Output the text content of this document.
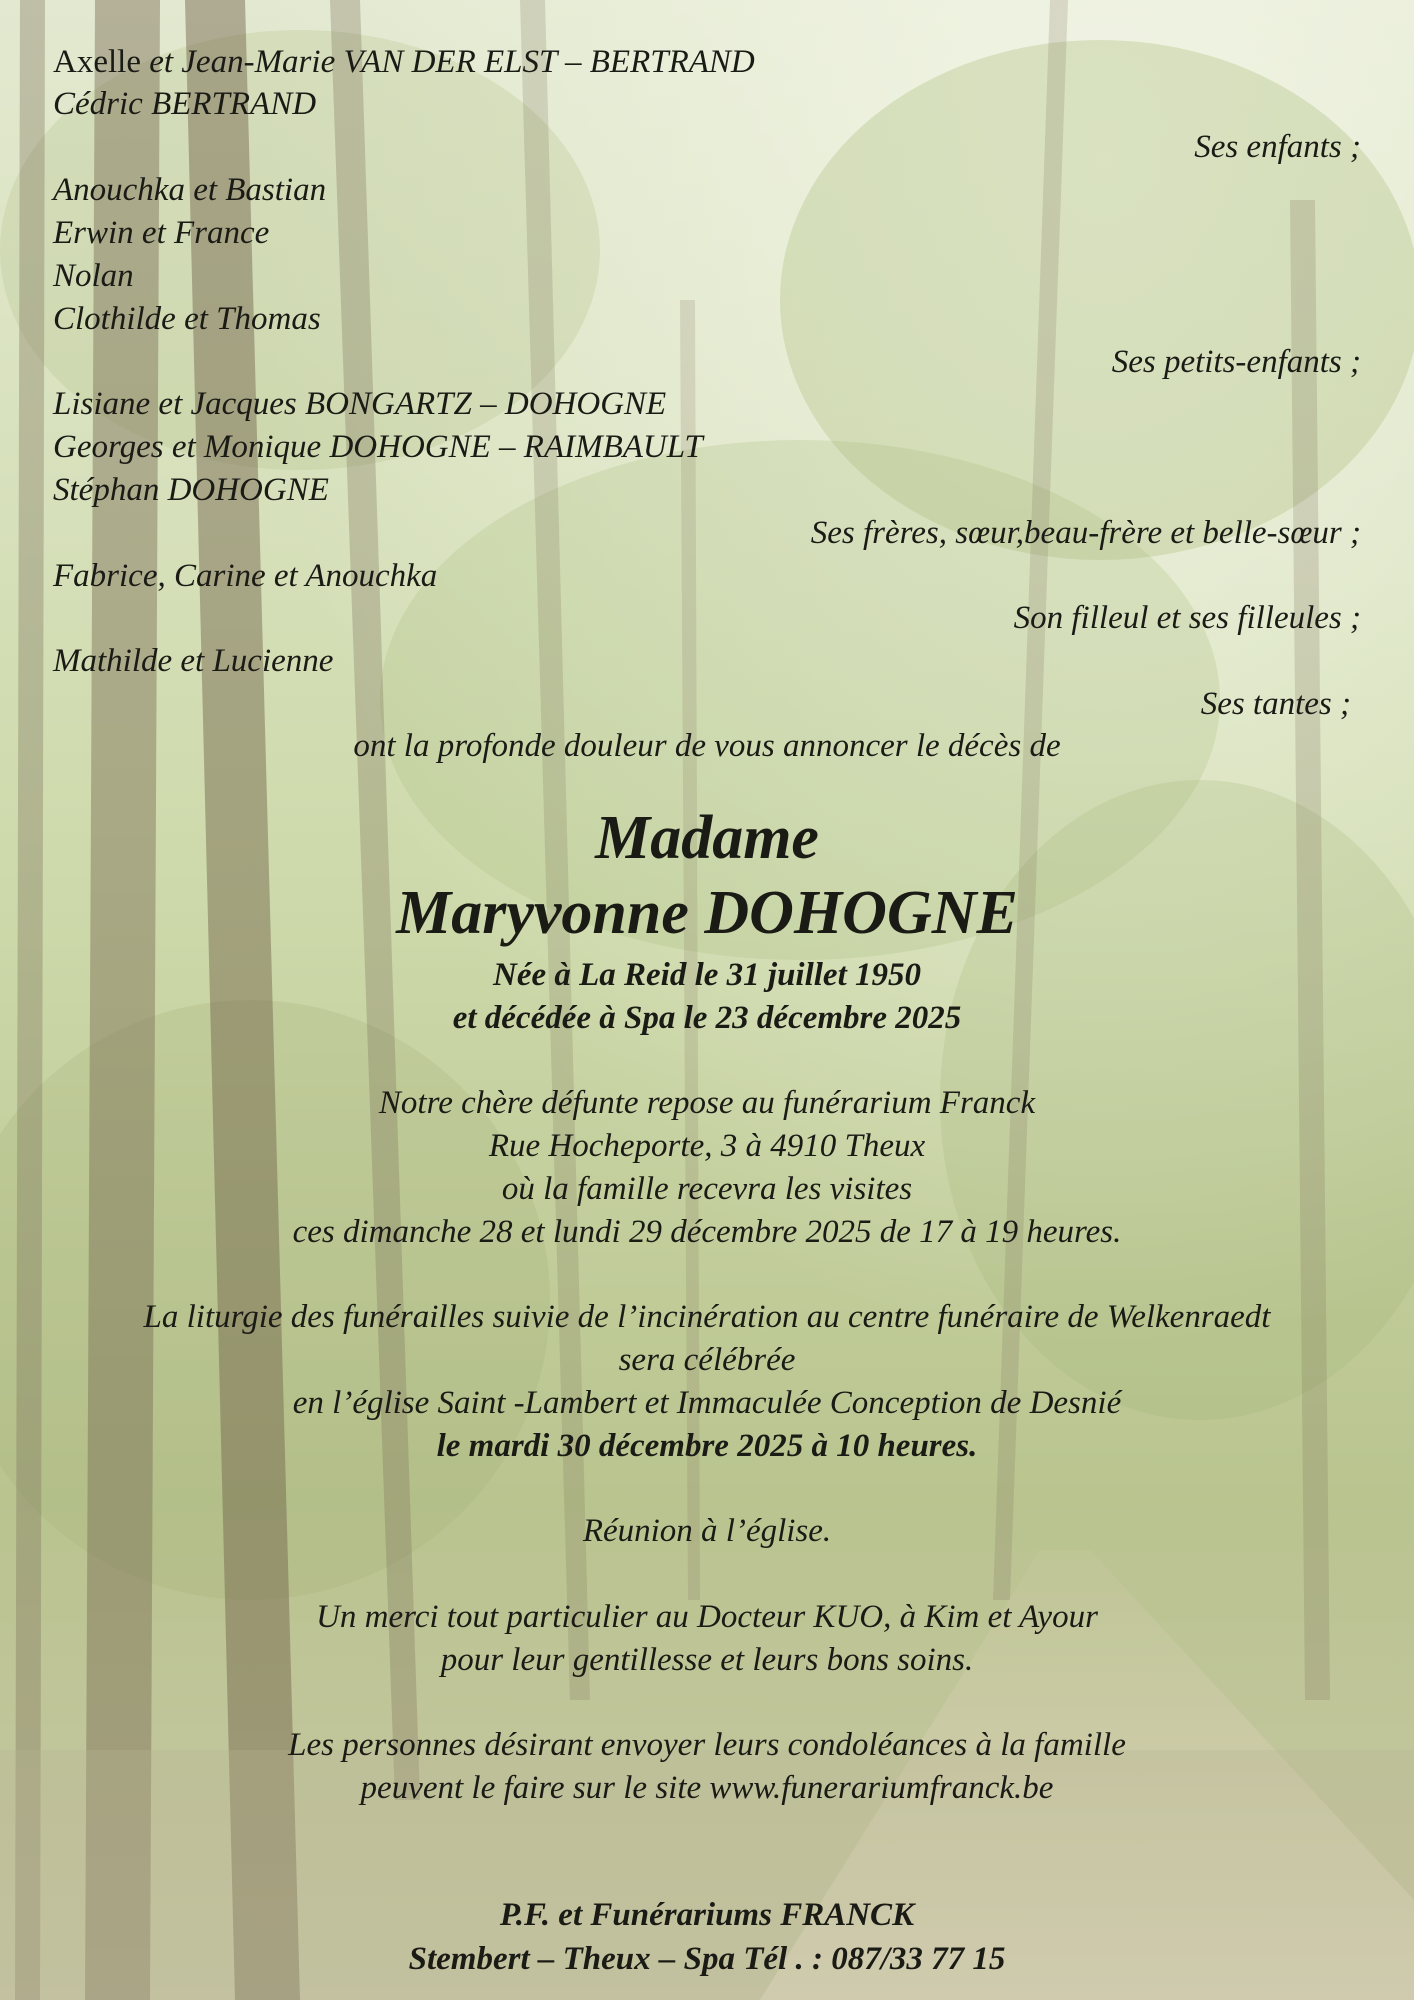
Axelle et Jean-Marie VAN DER ELST – BERTRAND
Cédric BERTRAND
Ses enfants ;
Anouchka et Bastian
Erwin et France
Nolan
Clothilde et Thomas
Ses petits-enfants ;
Lisiane et Jacques BONGARTZ – DOHOGNE
Georges et Monique DOHOGNE – RAIMBAULT
Stéphan DOHOGNE
Ses frères, sœur,beau-frère et belle-sœur ;
Fabrice, Carine et Anouchka
Son filleul et ses filleules ;
Mathilde et Lucienne
Ses tantes ;
ont la profonde douleur de vous annoncer le décès de
Madame
Maryvonne DOHOGNE
Née à La Reid le 31 juillet 1950
et décédée à Spa le 23 décembre 2025
Notre chère défunte repose au funérarium Franck
Rue Hocheporte, 3 à 4910 Theux
où la famille recevra les visites
ces dimanche 28 et lundi 29 décembre 2025 de 17 à 19 heures.
La liturgie des funérailles suivie de l’incinération au centre funéraire de Welkenraedt
sera célébrée
en l’église Saint -Lambert et Immaculée Conception de Desnié
le mardi 30 décembre 2025 à 10 heures.
Réunion à l’église.
Un merci tout particulier au Docteur KUO, à Kim et Ayour
pour leur gentillesse et leurs bons soins.
Les personnes désirant envoyer leurs condoléances à la famille
peuvent le faire sur le site www.funerariumfranck.be
P.F. et Funérariums FRANCK
Stembert – Theux – Spa Tél . : 087/33 77 15
